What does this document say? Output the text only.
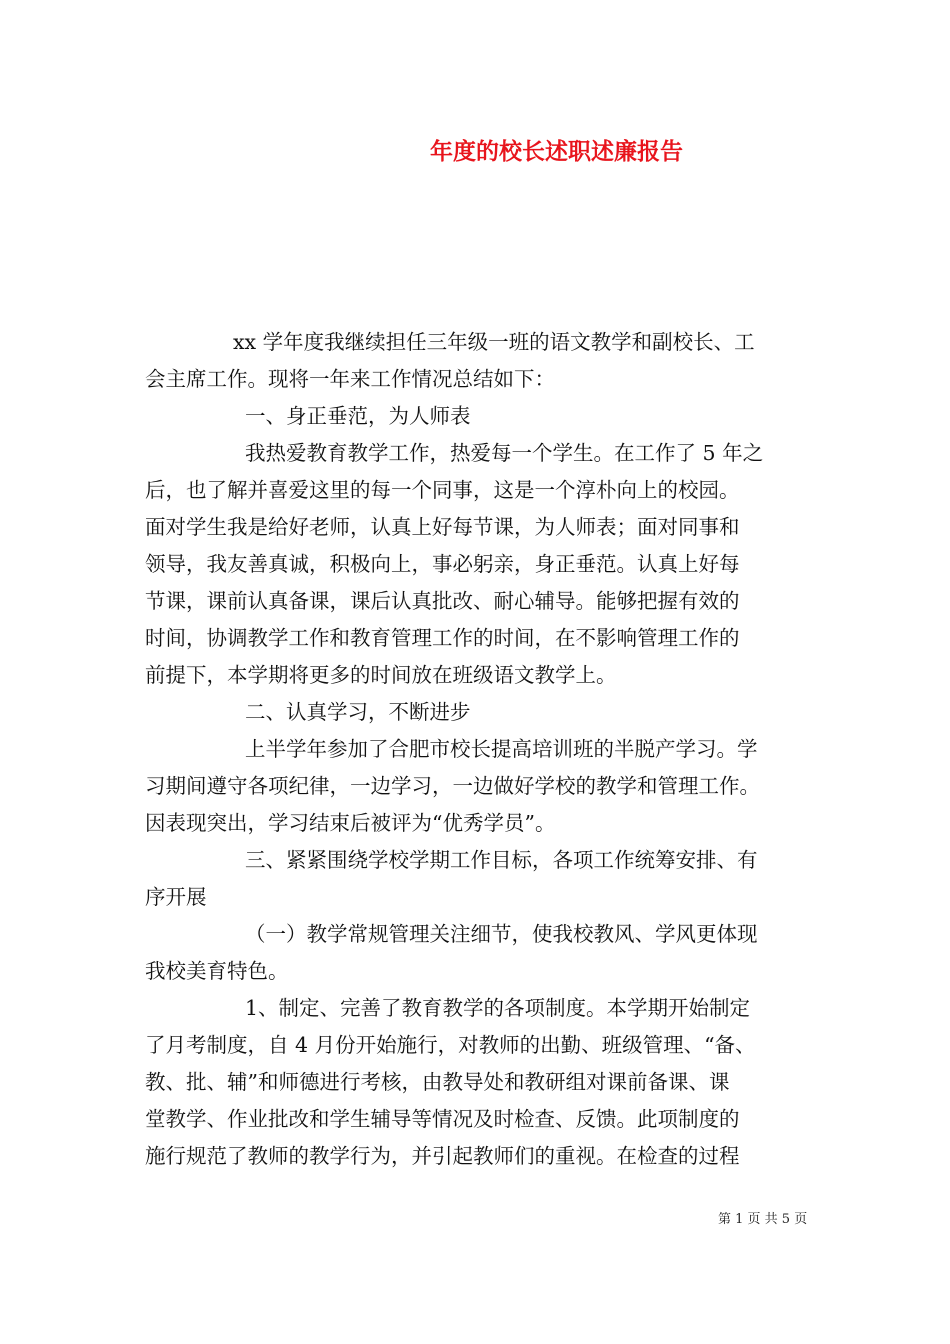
年度的校长述职述廉报告
xx 学年度我继续担任三年级一班的语文教学和副校长、工
会主席工作。现将一年来工作情况总结如下：
一、身正垂范，为人师表
我热爱教育教学工作，热爱每一个学生。在工作了 5 年之
后，也了解并喜爱这里的每一个同事，这是一个淳朴向上的校园。
面对学生我是给好老师，认真上好每节课，为人师表；面对同事和
领导，我友善真诚，积极向上，事必躬亲，身正垂范。认真上好每
节课，课前认真备课，课后认真批改、耐心辅导。能够把握有效的
时间，协调教学工作和教育管理工作的时间，在不影响管理工作的
前提下，本学期将更多的时间放在班级语文教学上。
二、认真学习，不断进步
上半学年参加了合肥市校长提高培训班的半脱产学习。学
习期间遵守各项纪律，一边学习，一边做好学校的教学和管理工作。
因表现突出，学习结束后被评为“优秀学员”。
三、紧紧围绕学校学期工作目标，各项工作统筹安排、有
序开展
（一）教学常规管理关注细节，使我校教风、学风更体现
我校美育特色。
1、制定、完善了教育教学的各项制度。本学期开始制定
了月考制度，自 4 月份开始施行，对教师的出勤、班级管理、“备、
教、批、辅”和师德进行考核，由教导处和教研组对课前备课、课
堂教学、作业批改和学生辅导等情况及时检查、反馈。此项制度的
施行规范了教师的教学行为，并引起教师们的重视。在检查的过程
第 1 页 共 5 页
